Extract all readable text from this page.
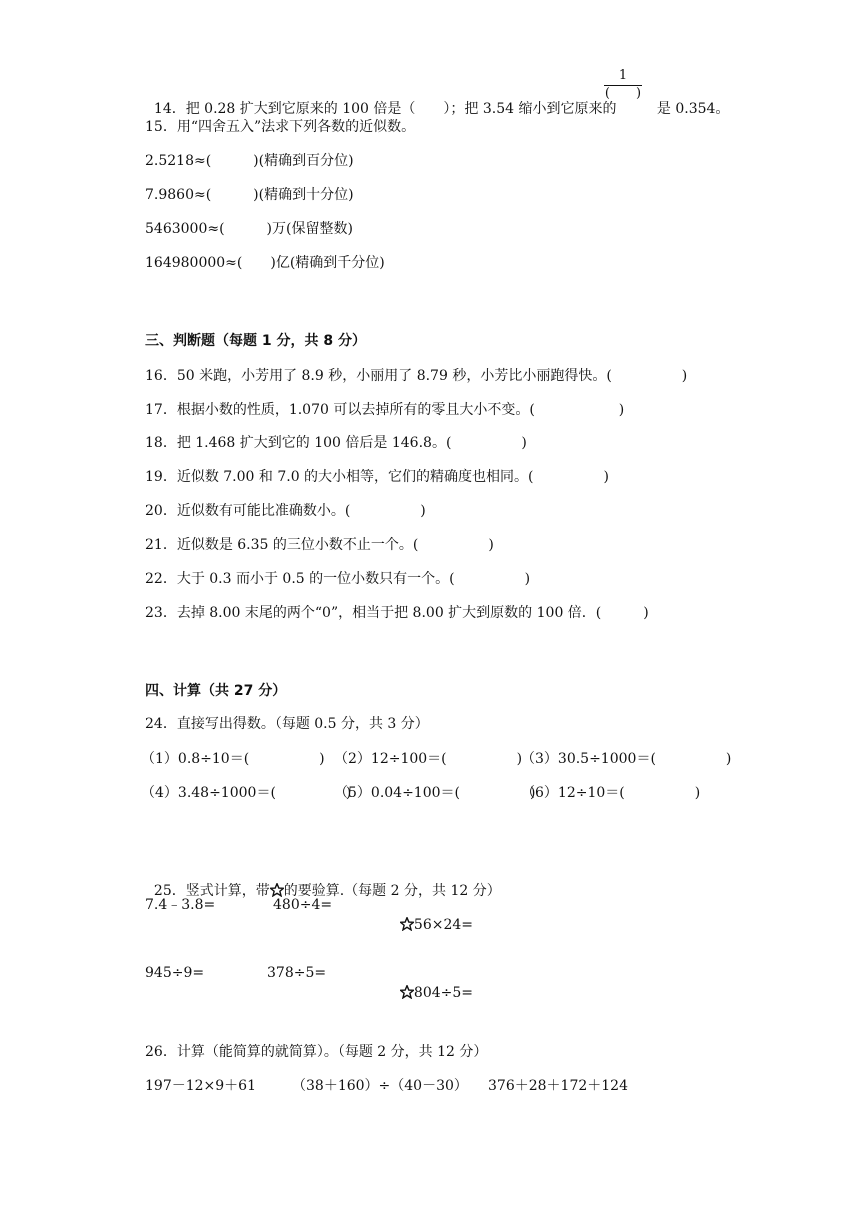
14．把 0.28 扩大到它原来的 100 倍是（　　）；把 3.54 缩小到它原来的

1
(　　)

是 0.354。

15．用“四舍五入”法求下列各数的近似数。
2.5218≈(　　　)(精确到百分位)
7.9860≈(　　　)(精确到十分位)
5463000≈(　　　)万(保留整数)
164980000≈(　　)亿(精确到千分位)
三、判断题（每题 1 分，共 8 分）
16．50 米跑，小芳用了 8.9 秒，小丽用了 8.79 秒，小芳比小丽跑得快。(　　　　　)
17．根据小数的性质，1.070 可以去掉所有的零且大小不变。(　　　　　　)
18．把 1.468 扩大到它的 100 倍后是 146.8。(　　　　　)
19．近似数 7.00 和 7.0 的大小相等，它们的精确度也相同。(　　　　　)
20．近似数有可能比准确数小。(　　　　　)
21．近似数是 6.35 的三位小数不止一个。(　　　　　)
22．大于 0.3 而小于 0.5 的一位小数只有一个。(　　　　　)
23．去掉 8.00 末尾的两个“0”，相当于把 8.00 扩大到原数的 100 倍．(　　　)
四、计算（共 27 分）
24．直接写出得数。（每题 0.5 分，共 3 分）
（1）0.8÷10＝(　　　　　) （2）12÷100＝(　　　　　)
（3）30.5÷1000＝(　　　　　)
（4）3.48÷1000＝(　　　　　)
（5）0.04÷100＝(　　　　　)
（6）12÷10＝(　　　　　)

25．竖式计算，带 的要验算.（每题 2 分，共 12 分）

7.4﹣3.8=	480÷4=

56×24=

945÷9=	378÷5=

804÷5=

26．计算（能简算的就简算）。（每题 2 分，共 12 分）
197－12×9＋61	（38＋160）÷（40－30） 376＋28＋172＋124
